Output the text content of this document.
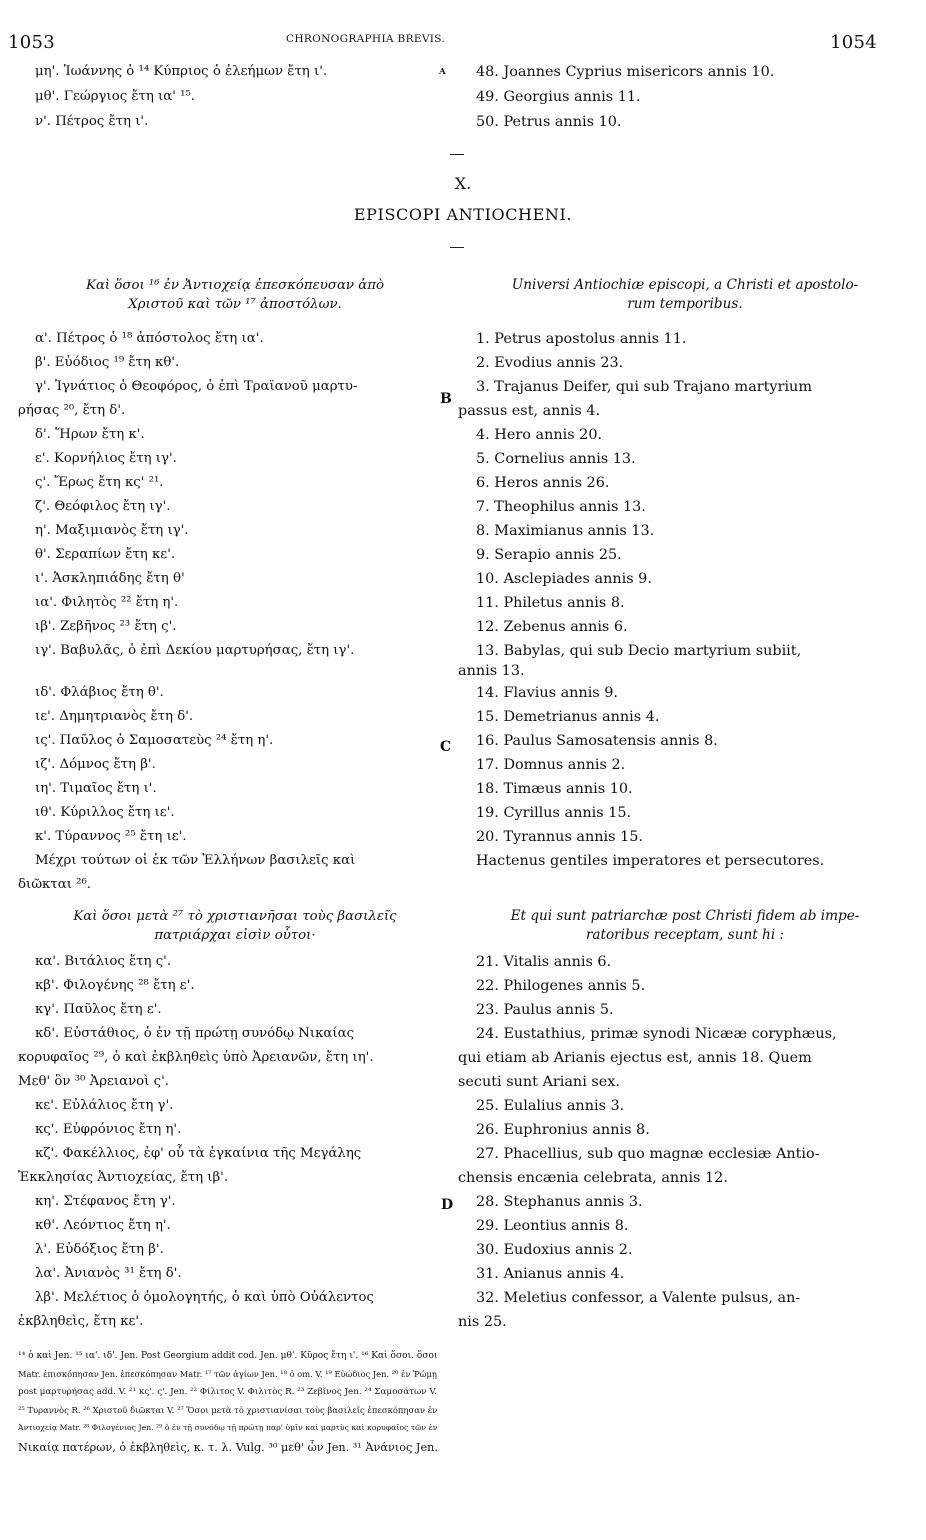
1053	CHRONOGRAPHIA BREVIS.	1054
μη'. Ἰωάννης ὁ ¹⁴ Κύπριος ὁ ἐλεήμων ἔτη ι'.
μθ'. Γεώργιος ἔτη ια' ¹⁵.
ν'. Πέτρος ἔτη ι'.
48. Joannes Cyprius misericors annis 10.
49. Georgius annis 11.
50. Petrus annis 10.
A
X.
EPISCOPI ANTIOCHENI.
Καὶ ὅσοι ¹⁶ ἐν Ἀντιοχείᾳ ἐπεσκόπευσαν ἀπὸ
Χριστοῦ καὶ τῶν ¹⁷ ἀποστόλων.
Universi Antiochiæ episcopi, a Christi et apostolo-
rum temporibus.
α'. Πέτρος ὁ ¹⁸ ἀπόστολος ἔτη ια'.
β'. Εὐόδιος ¹⁹ ἔτη κθ'.
γ'. Ἰγνάτιος ὁ Θεοφόρος, ὁ ἐπὶ Τραϊανοῦ μαρτυ-
ρήσας ²⁰, ἔτη δ'.
δ'. Ἥρων ἔτη κ'.
ε'. Κορνήλιος ἔτη ιγ'.
ς'. Ἔρως ἔτη κς' ²¹.
ζ'. Θεόφιλος ἔτη ιγ'.
η'. Μαξιμιανὸς ἔτη ιγ'.
θ'. Σεραπίων ἔτη κε'.
ι'. Ἀσκληπιάδης ἔτη θ'
ια'. Φιλητὸς ²² ἔτη η'.
ιβ'. Ζεβῆνος ²³ ἔτη ς'.
ιγ'. Βαβυλᾶς, ὁ ἐπὶ Δεκίου μαρτυρήσας, ἔτη ιγ'.
ιδ'. Φλάβιος ἔτη θ'.
ιε'. Δημητριανὸς ἔτη δ'.
ις'. Παῦλος ὁ Σαμοσατεὺς ²⁴ ἔτη η'.
ιζ'. Δόμνος ἔτη β'.
ιη'. Τιμαῖος ἔτη ι'.
ιθ'. Κύριλλος ἔτη ιε'.
κ'. Τύραννος ²⁵ ἔτη ιε'.
Μέχρι τούτων οἱ ἐκ τῶν Ἑλλήνων βασιλεῖς καὶ
διῶκται ²⁶.
1. Petrus apostolus annis 11.
2. Evodius annis 23.
3. Trajanus Deifer, qui sub Trajano martyrium
passus est, annis 4.
4. Hero annis 20.
5. Cornelius annis 13.
6. Heros annis 26.
7. Theophilus annis 13.
8. Maximianus annis 13.
9. Serapio annis 25.
10. Asclepiades annis 9.
11. Philetus annis 8.
12. Zebenus annis 6.
13. Babylas, qui sub Decio martyrium subiit,
annis 13.
14. Flavius annis 9.
15. Demetrianus annis 4.
16. Paulus Samosatensis annis 8.
17. Domnus annis 2.
18. Timæus annis 10.
19. Cyrillus annis 15.
20. Tyrannus annis 15.
Hactenus gentiles imperatores et persecutores.
B
C
Καὶ ὅσοι μετὰ ²⁷ τὸ χριστιανῆσαι τοὺς βασιλεῖς
πατριάρχαι εἰσὶν οὗτοι·
Et qui sunt patriarchæ post Christi fidem ab impe-
ratoribus receptam, sunt hi :
κα'. Βιτάλιος ἔτη ς'.
κβ'. Φιλογένης ²⁸ ἔτη ε'.
κγ'. Παῦλος ἔτη ε'.
κδ'. Εὐστάθιος, ὁ ἐν τῇ πρώτῃ συνόδῳ Νικαίας
κορυφαῖος ²⁹, ὁ καὶ ἐκβληθεὶς ὑπὸ Ἀρειανῶν, ἔτη ιη'.
Μεθ' ὃν ³⁰ Ἀρειανοὶ ς'.
κε'. Εὐλάλιος ἔτη γ'.
κς'. Εὐφρόνιος ἔτη η'.
κζ'. Φακέλλιος, ἐφ' οὗ τὰ ἐγκαίνια τῆς Μεγάλης
Ἐκκλησίας Ἀντιοχείας, ἔτη ιβ'.
κη'. Στέφανος ἔτη γ'.
κθ'. Λεόντιος ἔτη η'.
λ'. Εὐδόξιος ἔτη β'.
λα'. Ἀνιανὸς ³¹ ἔτη δ'.
λβ'. Μελέτιος ὁ ὁμολογητής, ὁ καὶ ὑπὸ Οὐάλεντος
ἐκβληθεὶς, ἔτη κε'.
21. Vitalis annis 6.
22. Philogenes annis 5.
23. Paulus annis 5.
24. Eustathius, primæ synodi Nicææ coryphæus,
qui etiam ab Arianis ejectus est, annis 18. Quem
secuti sunt Ariani sex.
25. Eulalius annis 3.
26. Euphronius annis 8.
27. Phacellius, sub quo magnæ ecclesiæ Antio-
chensis encænia celebrata, annis 12.
28. Stephanus annis 3.
29. Leontius annis 8.
30. Eudoxius annis 2.
31. Anianus annis 4.
32. Meletius confessor, a Valente pulsus, an-
nis 25.
D
¹⁴ ὁ καὶ Jen. ¹⁵ ια'. ιδ'. Jen. Post Georgium addit cod. Jen. μθ'. Κῦρος ἔτη ι'. ¹⁶ Καὶ ὅσοι. ὅσοι
Matr. ἐπισκόπησαν Jen. ἐπεσκόπησαν Matr. ¹⁷ τῶν ἁγίων Jen. ¹⁸ ὁ om. V. ¹⁹ Εὐώδιος Jen. ²⁰ ἐν Ῥώμῃ
post μαρτυρήσας add. V. ²¹ κς'. ς'. Jen. ²² Φίλιτος V. Φιλιτὸς R. ²³ Ζεβῖνος Jen. ²⁴ Σαμοσάτων V.
²⁵ Τυραννὸς R. ²⁶ Χριστοῦ διῶκται V. ²⁷ Ὅσοι μετὰ τὸ χριστιανίσαι τοὺς βασιλεῖς ἐπεσκόπησαν ἐν
Ἀντιοχείᾳ Matr. ²⁸ Φιλογένιος Jen. ²⁹ ὁ ἐν τῇ συνόδῳ τῇ πρώτῃ παρ' ὑμῖν καὶ μαρτὺς καὶ κορυφαῖος τῶν ἐν
Νικαίᾳ πατέρων, ὁ ἐκβληθεὶς, κ. τ. λ. Vulg. ³⁰ μεθ' ὧν Jen. ³¹ Ἀνάνιος Jen.
